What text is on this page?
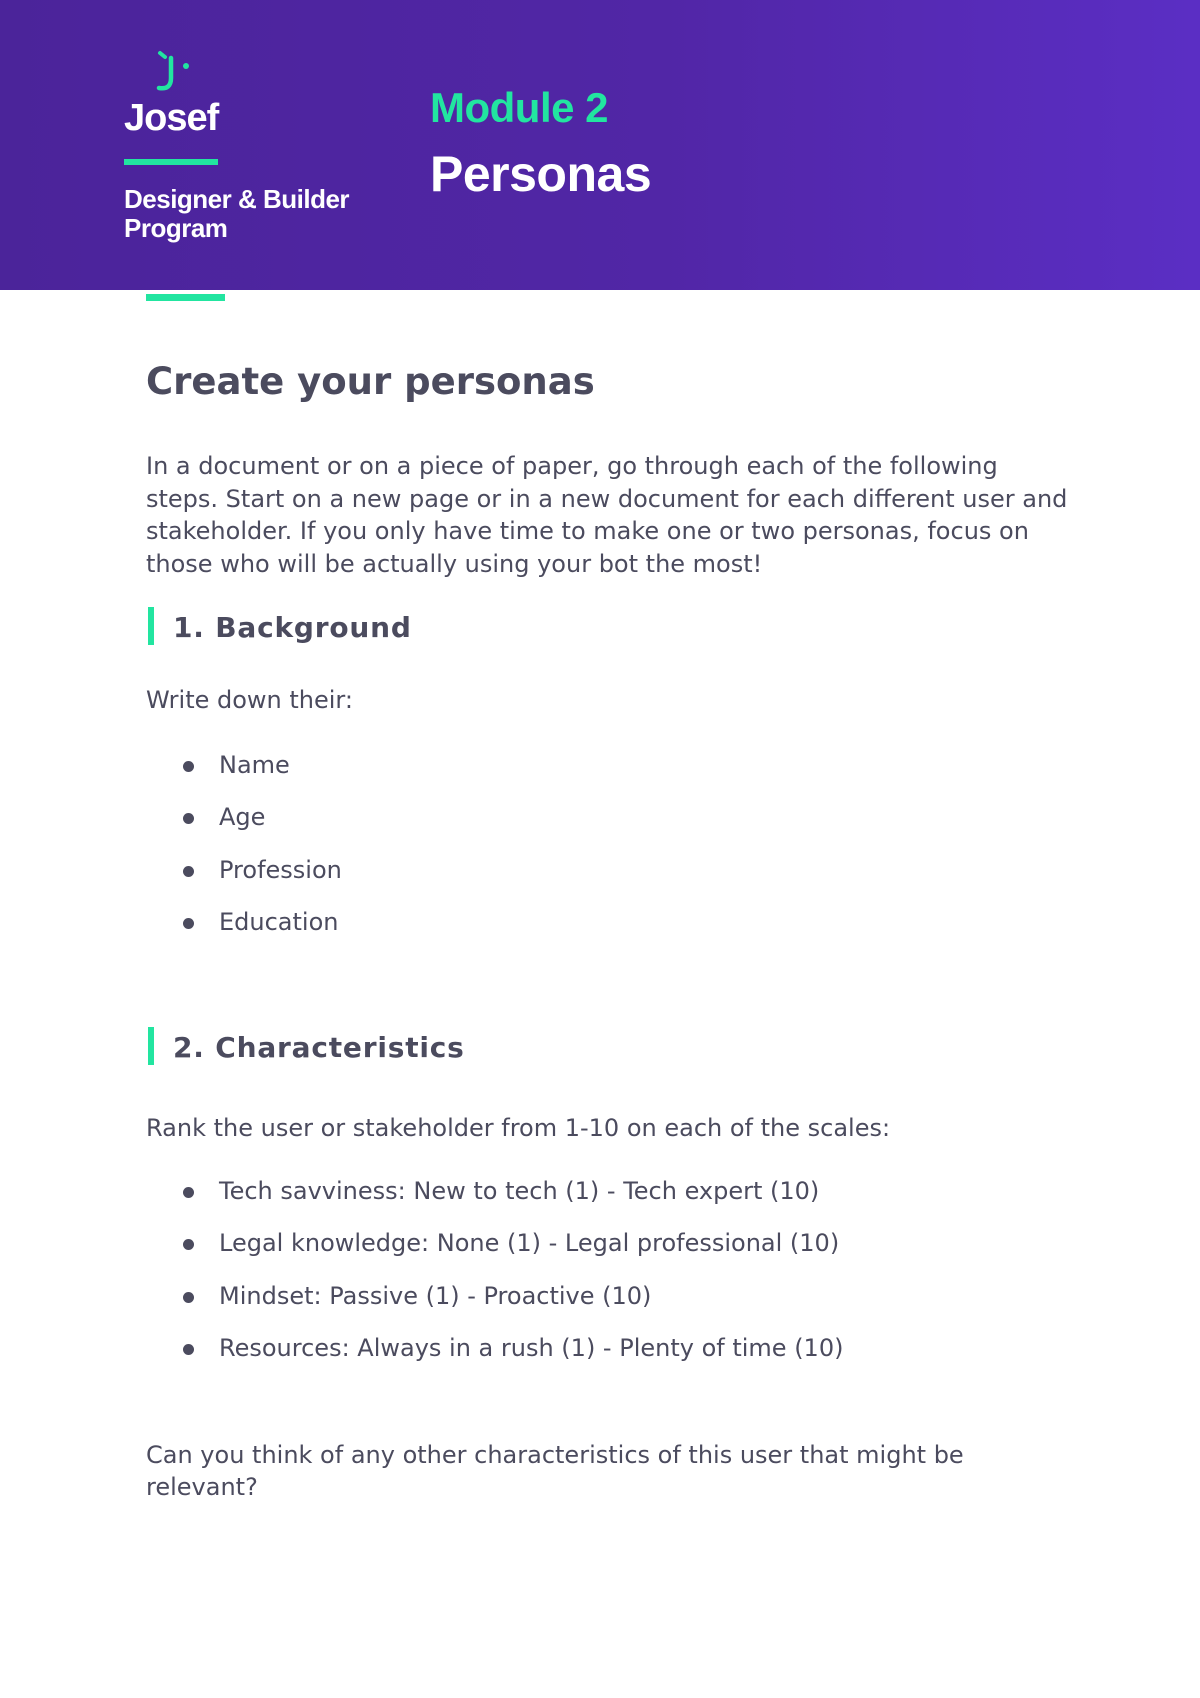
Josef

Designer & Builder Program

Module 2
Personas
Create your personas

In a document or on a piece of paper, go through each of the following steps. Start on a new page or in a new document for each different user and stakeholder. If you only have time to make one or two personas, focus on those who will be actually using your bot the most!

1. Background

Write down their:

Name
Age
Profession
Education
2. Characteristics

Rank the user or stakeholder from 1-10 on each of the scales:

Tech savviness: New to tech (1) - Tech expert (10)
Legal knowledge: None (1) - Legal professional (10)
Mindset: Passive (1) - Proactive (10)
Resources: Always in a rush (1) - Plenty of time (10)

Can you think of any other characteristics of this user that might be relevant?
